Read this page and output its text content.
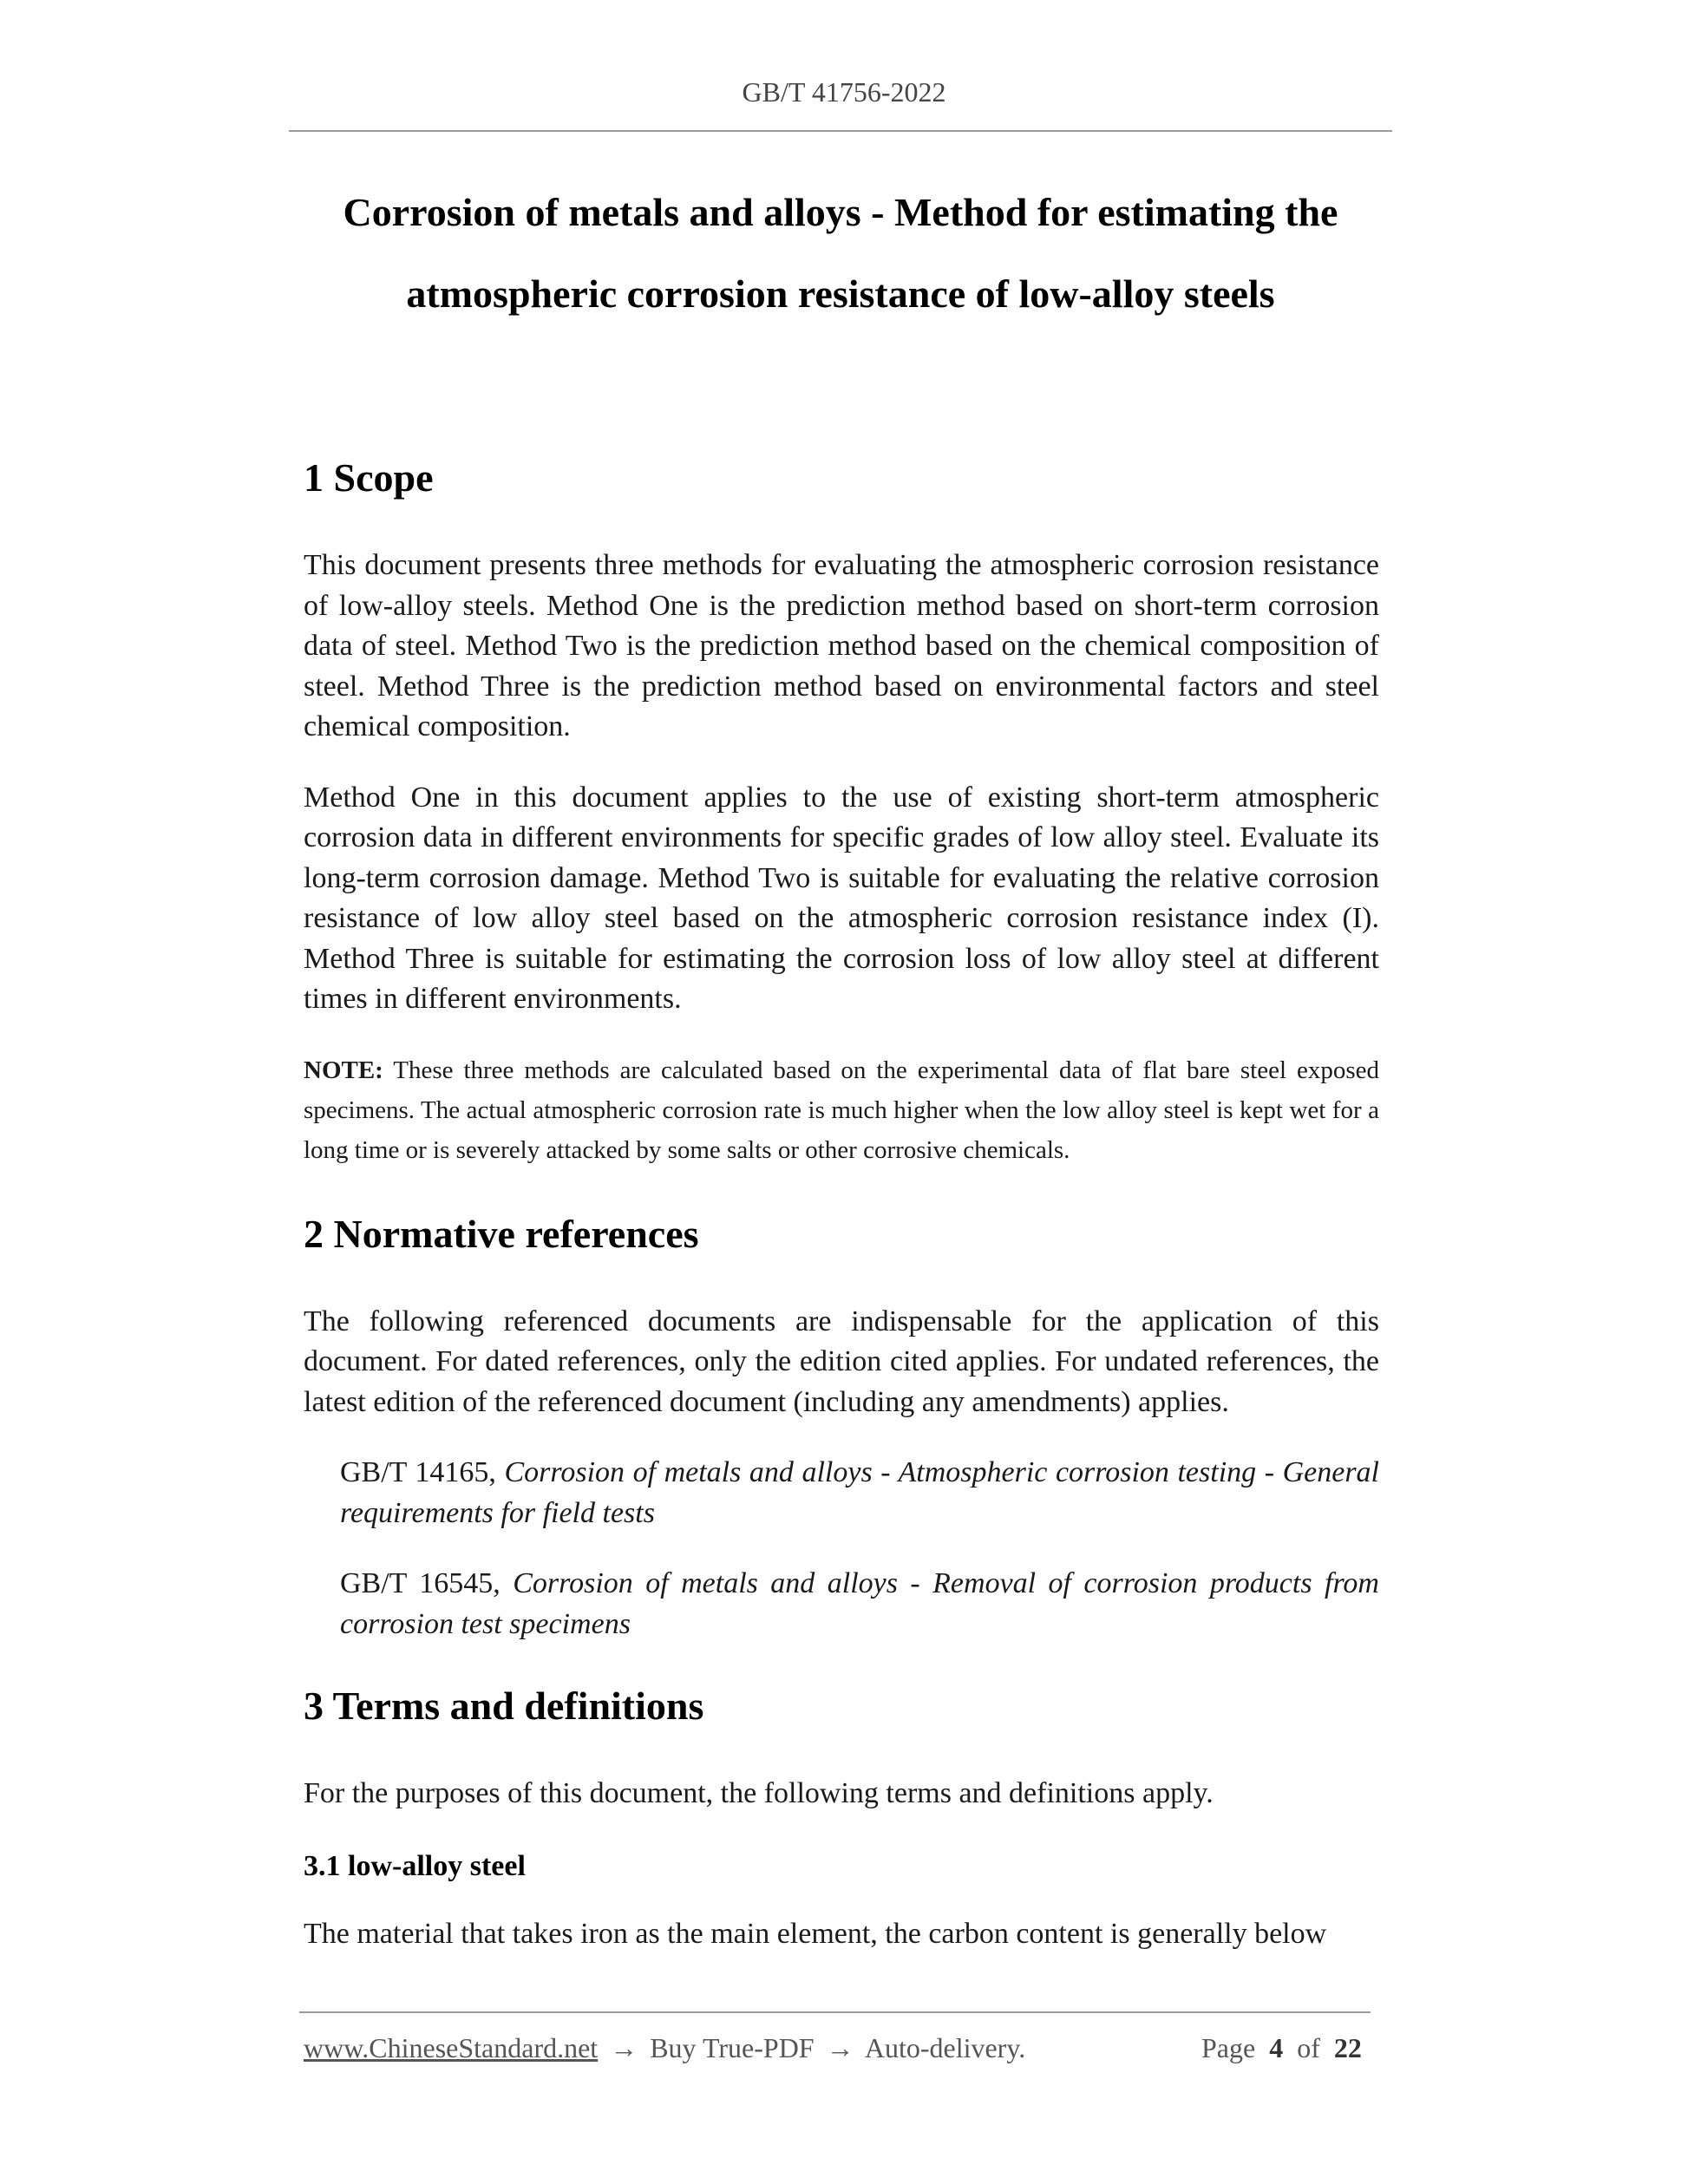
GB/T 41756-2022
Corrosion of metals and alloys - Method for estimating the
atmospheric corrosion resistance of low-alloy steels
1 Scope

This document presents three methods for evaluating the atmospheric corrosion resistance of low-alloy steels. Method One is the prediction method based on short-term corrosion data of steel. Method Two is the prediction method based on the chemical composition of steel. Method Three is the prediction method based on environmental factors and steel chemical composition.

Method One in this document applies to the use of existing short-term atmospheric corrosion data in different environments for specific grades of low alloy steel. Evaluate its long-term corrosion damage. Method Two is suitable for evaluating the relative corrosion resistance of low alloy steel based on the atmospheric corrosion resistance index (I). Method Three is suitable for estimating the corrosion loss of low alloy steel at different times in different environments.

NOTE: These three methods are calculated based on the experimental data of flat bare steel exposed specimens. The actual atmospheric corrosion rate is much higher when the low alloy steel is kept wet for a long time or is severely attacked by some salts or other corrosive chemicals.

2 Normative references

The following referenced documents are indispensable for the application of this document. For dated references, only the edition cited applies. For undated references, the latest edition of the referenced document (including any amendments) applies.

GB/T 14165, Corrosion of metals and alloys - Atmospheric corrosion testing - General requirements for field tests

GB/T 16545, Corrosion of metals and alloys - Removal of corrosion products from corrosion test specimens

3 Terms and definitions

For the purposes of this document, the following terms and definitions apply.

3.1 low-alloy steel

The material that takes iron as the main element, the carbon content is generally below

www.ChineseStandard.net → Buy True-PDF → Auto-delivery.	Page 4 of 22
